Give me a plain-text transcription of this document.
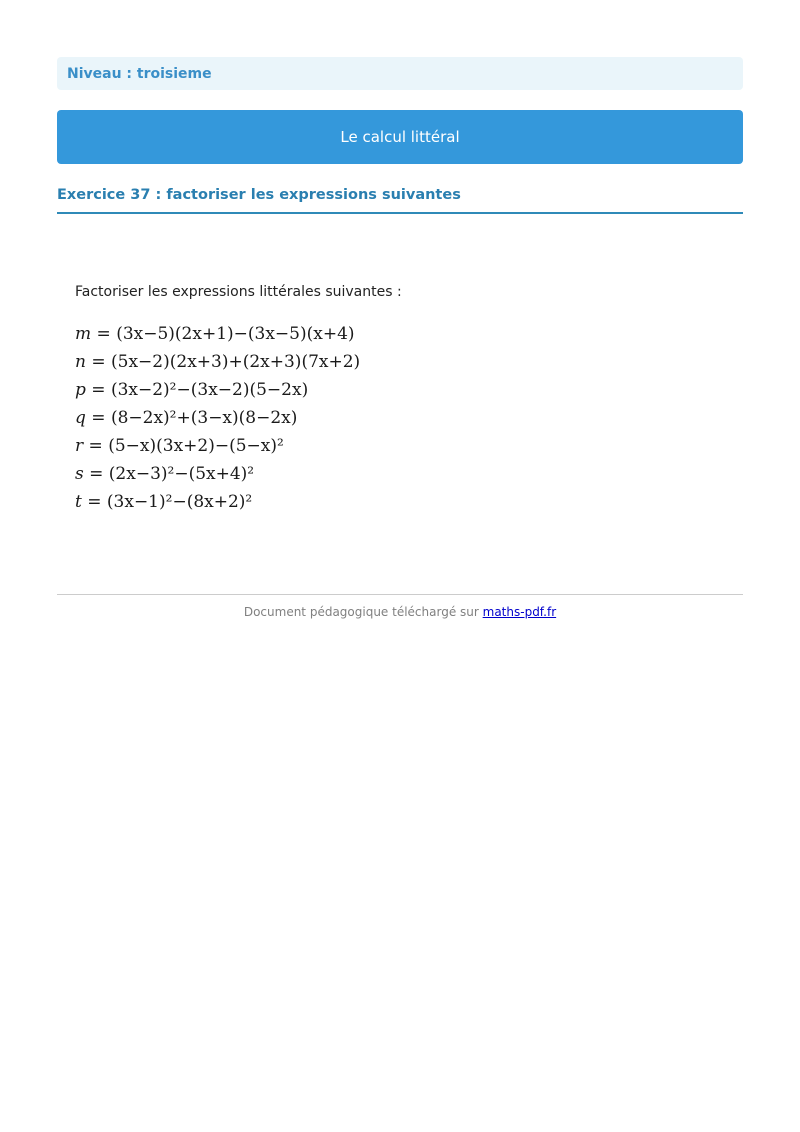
Niveau : troisieme
Le calcul littéral
Exercice 37 : factoriser les expressions suivantes

Factoriser les expressions littérales suivantes :

m = (3x−5)(2x+1)−(3x−5)(x+4)
n = (5x−2)(2x+3)+(2x+3)(7x+2)
p = (3x−2)²−(3x−2)(5−2x)
q = (8−2x)²+(3−x)(8−2x)
r = (5−x)(3x+2)−(5−x)²
s = (2x−3)²−(5x+4)²
t = (3x−1)²−(8x+2)²
Document pédagogique téléchargé sur maths-pdf.fr
